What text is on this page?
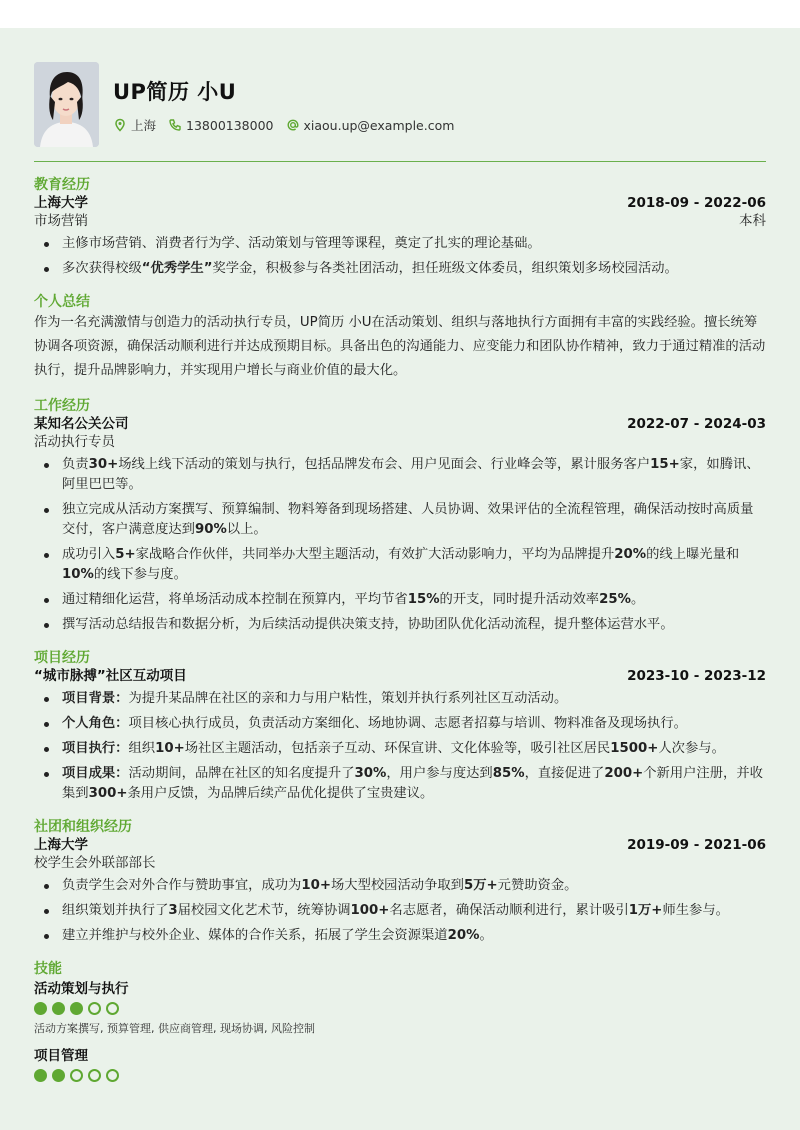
UP简历 小U
上海 13800138000 xiaou.up@example.com
教育经历
上海大学	2018-09 - 2022-06
市场营销	本科
主修市场营销、消费者行为学、活动策划与管理等课程，奠定了扎实的理论基础。
多次获得校级“优秀学生”奖学金，积极参与各类社团活动，担任班级文体委员，组织策划多场校园活动。
个人总结
作为一名充满激情与创造力的活动执行专员，UP简历 小U在活动策划、组织与落地执行方面拥有丰富的实践经验。擅长统筹协调各项资源，确保活动顺利进行并达成预期目标。具备出色的沟通能力、应变能力和团队协作精神，致力于通过精准的活动执行，提升品牌影响力，并实现用户增长与商业价值的最大化。
工作经历
某知名公关公司	2022-07 - 2024-03
活动执行专员
负责30+场线上线下活动的策划与执行，包括品牌发布会、用户见面会、行业峰会等，累计服务客户15+家，如腾讯、阿里巴巴等。
独立完成从活动方案撰写、预算编制、物料筹备到现场搭建、人员协调、效果评估的全流程管理，确保活动按时高质量交付，客户满意度达到90%以上。
成功引入5+家战略合作伙伴，共同举办大型主题活动，有效扩大活动影响力，平均为品牌提升20%的线上曝光量和10%的线下参与度。
通过精细化运营，将单场活动成本控制在预算内，平均节省15%的开支，同时提升活动效率25%。
撰写活动总结报告和数据分析，为后续活动提供决策支持，协助团队优化活动流程，提升整体运营水平。
项目经历
“城市脉搏”社区互动项目	2023-10 - 2023-12
项目背景：为提升某品牌在社区的亲和力与用户粘性，策划并执行系列社区互动活动。
个人角色：项目核心执行成员，负责活动方案细化、场地协调、志愿者招募与培训、物料准备及现场执行。
项目执行：组织10+场社区主题活动，包括亲子互动、环保宣讲、文化体验等，吸引社区居民1500+人次参与。
项目成果：活动期间，品牌在社区的知名度提升了30%，用户参与度达到85%，直接促进了200+个新用户注册，并收集到300+条用户反馈，为品牌后续产品优化提供了宝贵建议。
社团和组织经历
上海大学	2019-09 - 2021-06
校学生会外联部部长
负责学生会对外合作与赞助事宜，成功为10+场大型校园活动争取到5万+元赞助资金。
组织策划并执行了3届校园文化艺术节，统筹协调100+名志愿者，确保活动顺利进行，累计吸引1万+师生参与。
建立并维护与校外企业、媒体的合作关系，拓展了学生会资源渠道20%。
技能
活动策划与执行
活动方案撰写, 预算管理, 供应商管理, 现场协调, 风险控制
项目管理
